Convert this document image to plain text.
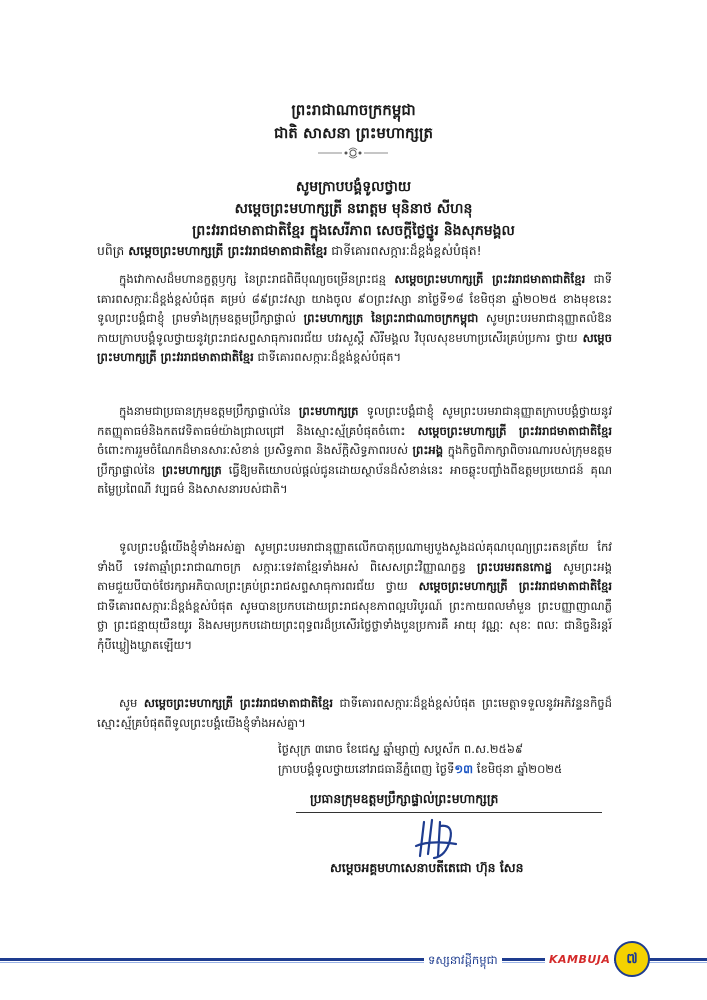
ព្រះរាជាណាចក្រកម្ពុជា
ជាតិ សាសនា ព្រះមហាក្សត្រ
សូមក្រាបបង្គំទូលថ្វាយ
សម្តេចព្រះមហាក្សត្រី នរោត្តម មុនិនាថ សីហនុ
ព្រះវររាជមាតាជាតិខ្មែរ ក្នុងសេរីភាព សេចក្តីថ្លៃថ្នូរ និងសុភមង្គល
បពិត្រ សម្តេចព្រះមហាក្សត្រី ព្រះវររាជមាតាជាតិខ្មែរ ជាទីគោរពសក្ការៈដ៏ខ្ពង់ខ្ពស់បំផុត!
ក្នុងវោកាសដ៏មហានក្ខត្តឫក្ស នៃព្រះរាជពិធីបុណ្យចម្រើនព្រះជន្ម សម្តេចព្រះមហាក្សត្រី ព្រះវររាជមាតាជាតិខ្មែរ ជាទីគោរពសក្ការៈដ៏ខ្ពង់ខ្ពស់បំផុត គម្រប់ ៨៩ព្រះវស្សា យាងចូល ៩០ព្រះវស្សា នាថ្ងៃទី១៨ ខែមិថុនា ឆ្នាំ២០២៥ ខាងមុខនេះ ទូលព្រះបង្គំជាខ្ញុំ ព្រមទាំងក្រុមឧត្តមប្រឹក្សាផ្ទាល់ ព្រះមហាក្សត្រ នៃព្រះរាជាណាចក្រកម្ពុជា សូមព្រះបរមរាជានុញ្ញាតលំឱនកាយក្រាបបង្គំទូលថ្វាយនូវព្រះរាជសព្ទសាធុការពរជ័យ បវរសួស្តី សិរីមង្គល វិបុលសុខមហាប្រសើរគ្រប់ប្រការ ថ្វាយ សម្តេចព្រះមហាក្សត្រី ព្រះវររាជមាតាជាតិខ្មែរ ជាទីគោរពសក្ការៈដ៏ខ្ពង់ខ្ពស់បំផុត។
ក្នុងនាមជាប្រធានក្រុមឧត្តមប្រឹក្សាផ្ទាល់នៃ ព្រះមហាក្សត្រ ទូលព្រះបង្គំជាខ្ញុំ សូមព្រះបរមរាជានុញ្ញាតក្រាបបង្គំថ្វាយនូវកតញ្ញុតាធម៌និងកតវេទិតាធម៌យ៉ាងជ្រាលជ្រៅ និងស្មោះស្ម័គ្របំផុតចំពោះ សម្តេចព្រះមហាក្សត្រី ព្រះវររាជមាតាជាតិខ្មែរ ចំពោះការរួមចំណែកដ៏មានសារៈសំខាន់ ប្រសិទ្ធភាព និងស័ក្តិសិទ្ធភាពរបស់ ព្រះអង្គ ក្នុងកិច្ចពិភាក្សាពិចារណារបស់ក្រុមឧត្តមប្រឹក្សាផ្ទាល់នៃ ព្រះមហាក្សត្រ ធ្វើឱ្យមតិយោបល់ផ្តល់ជូនដោយស្ថាប័នដ៏សំខាន់នេះ អាចឆ្លុះបញ្ចាំងពីឧត្តមប្រយោជន៍ គុណតម្លៃប្រពៃណី វប្បធម៌ និងសាសនារបស់ជាតិ។
ទូលព្រះបង្គំយើងខ្ញុំទាំងអស់គ្នា សូមព្រះបរមរាជានុញ្ញាតលើកបាតុប្រណាម្យបួងសួងដល់គុណបុណ្យព្រះរតនត្រ័យ កែវទាំងបី ទេវតាឆ្មាំព្រះរាជាណាចក្រ សក្ការៈទេវតាខ្មែរទាំងអស់ ពិសេសព្រះវិញ្ញាណក្ខន្ធ ព្រះបរមរតនកោដ្ឋ សូមព្រះអង្គ តាមជួយបីបាច់ថែរក្សាអភិបាលព្រះគ្រប់ព្រះរាជសព្ទសាធុការពរជ័យ ថ្វាយ សម្តេចព្រះមហាក្សត្រី ព្រះវររាជមាតាជាតិខ្មែរ ជាទីគោរពសក្ការៈដ៏ខ្ពង់ខ្ពស់បំផុត សូមបានប្រកបដោយព្រះរាជសុខភាពល្អបរិបូរណ៍ ព្រះកាយពលមាំមួន ព្រះបញ្ញាញាណភ្លឺថ្លា ព្រះជន្មាយុយឺនយូរ និងសមប្រកបដោយព្រះពុទ្ធពរដ៏ប្រសើរថ្លៃថ្លាទាំងបួនប្រការគឺ អាយុ វណ្ណៈ សុខៈ ពលៈ ជានិច្ចនិរន្តរ៍កុំបីឃ្លៀងឃ្លាតឡើយ។
សូម សម្តេចព្រះមហាក្សត្រី ព្រះវររាជមាតាជាតិខ្មែរ ជាទីគោរពសក្ការៈដ៏ខ្ពង់ខ្ពស់បំផុត ព្រះមេត្តាទទួលនូវអភិវន្ទនកិច្ចដ៏ស្មោះស្ម័គ្របំផុតពីទូលព្រះបង្គំយើងខ្ញុំទាំងអស់គ្នា។
ថ្ងៃសុក្រ ៣រោច ខែជេស្ឋ ឆ្នាំម្សាញ់ សប្តស័ក ព.ស.២៥៦៩
ក្រាបបង្គំទូលថ្វាយនៅរាជធានីភ្នំពេញ ថ្ងៃទី១៣ ខែមិថុនា ឆ្នាំ២០២៥
ប្រធានក្រុមឧត្តមប្រឹក្សាផ្ទាល់ព្រះមហាក្សត្រ
សម្តេចអគ្គមហាសេនាបតីតេជោ ហ៊ុន សែន
ទស្សនាវដ្តីកម្ពុជា	KAMBUJA	៧
